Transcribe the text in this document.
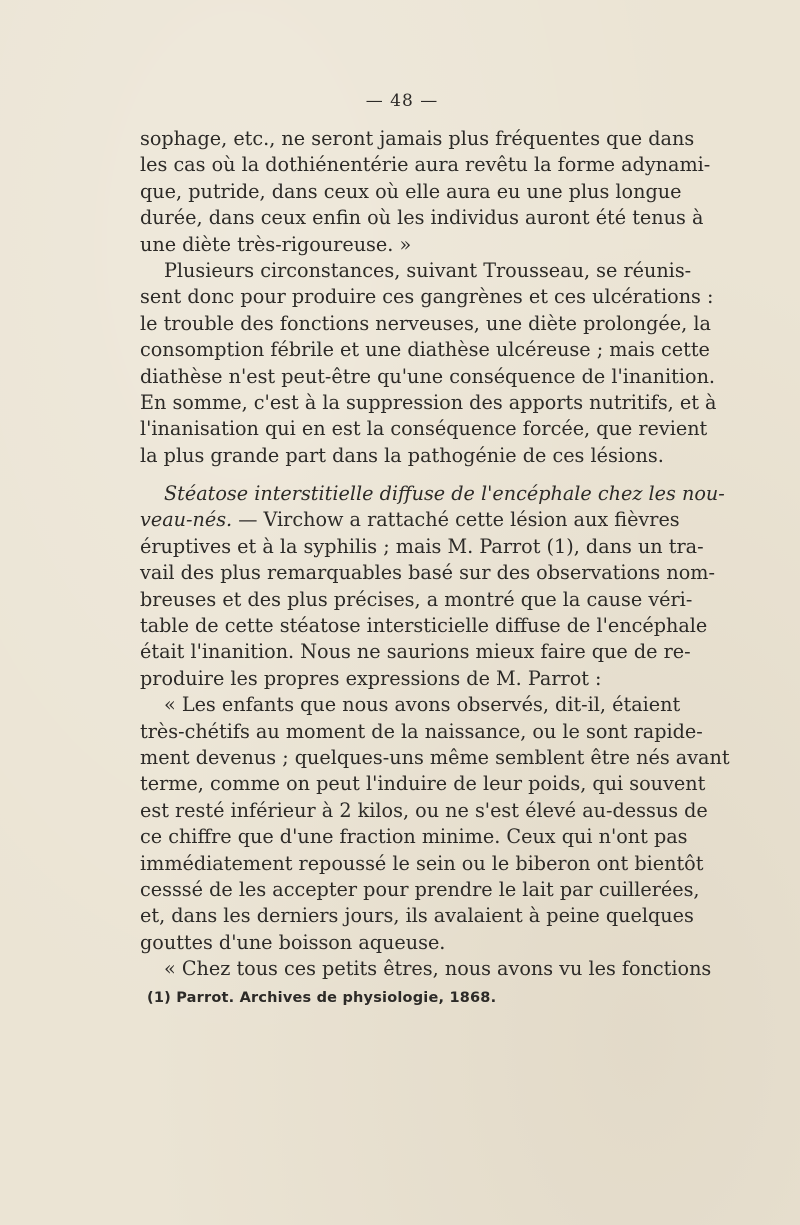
— 48 —
sophage, etc., ne seront jamais plus fréquentes que dans
les cas où la dothiénentérie aura revêtu la forme adynami-
que, putride, dans ceux où elle aura eu une plus longue
durée, dans ceux enfin où les individus auront été tenus à
une diète très-rigoureuse. »
Plusieurs circonstances, suivant Trousseau, se réunis-
sent donc pour produire ces gangrènes et ces ulcérations :
le trouble des fonctions nerveuses, une diète prolongée, la
consomption fébrile et une diathèse ulcéreuse ; mais cette
diathèse n'est peut-être qu'une conséquence de l'inanition.
En somme, c'est à la suppression des apports nutritifs, et à
l'inanisation qui en est la conséquence forcée, que revient
la plus grande part dans la pathogénie de ces lésions.
Stéatose interstitielle diffuse de l'encéphale chez les nou-
veau-nés. — Virchow a rattaché cette lésion aux fièvres
éruptives et à la syphilis ; mais M. Parrot (1), dans un tra-
vail des plus remarquables basé sur des observations nom-
breuses et des plus précises, a montré que la cause véri-
table de cette stéatose intersticielle diffuse de l'encéphale
était l'inanition. Nous ne saurions mieux faire que de re-
produire les propres expressions de M. Parrot :
« Les enfants que nous avons observés, dit-il, étaient
très-chétifs au moment de la naissance, ou le sont rapide-
ment devenus ; quelques-uns même semblent être nés avant
terme, comme on peut l'induire de leur poids, qui souvent
est resté inférieur à 2 kilos, ou ne s'est élevé au-dessus de
ce chiffre que d'une fraction minime. Ceux qui n'ont pas
immédiatement repoussé le sein ou le biberon ont bientôt
cesssé de les accepter pour prendre le lait par cuillerées,
et, dans les derniers jours, ils avalaient à peine quelques
gouttes d'une boisson aqueuse.
« Chez tous ces petits êtres, nous avons vu les fonctions
(1) Parrot. Archives de physiologie, 1868.
